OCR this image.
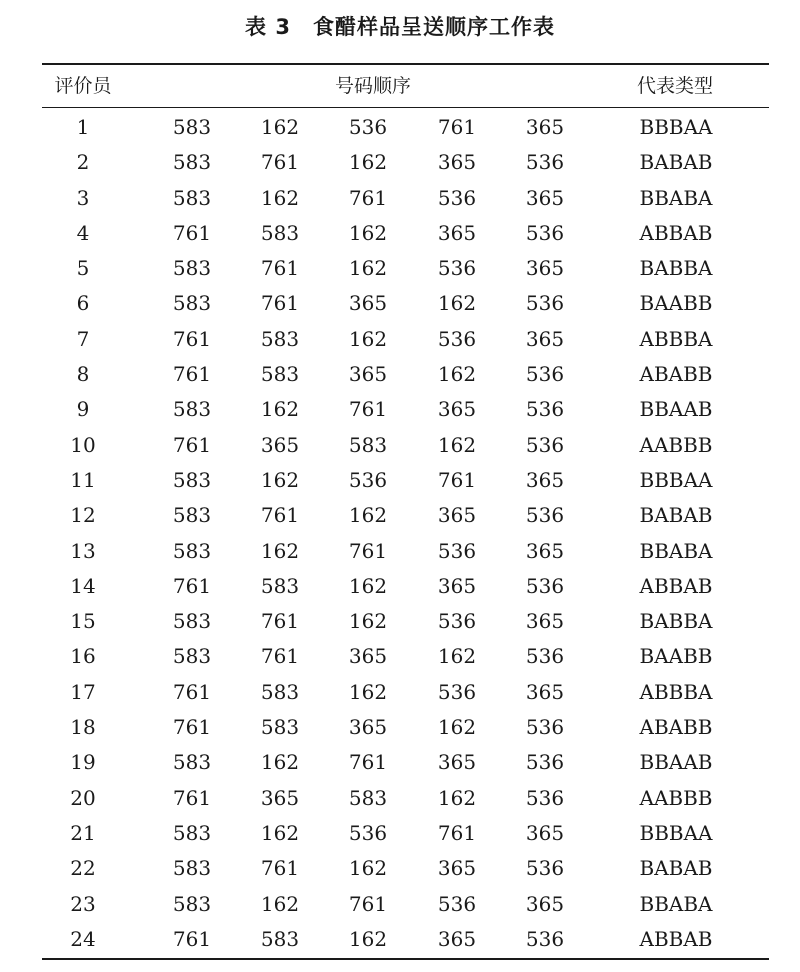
表 3 食醋样品呈送顺序工作表
评价员	号码顺序	代表类型
1	583	162	536	761	365	BBBAA
2	583	761	162	365	536	BABAB
3	583	162	761	536	365	BBABA
4	761	583	162	365	536	ABBAB
5	583	761	162	536	365	BABBA
6	583	761	365	162	536	BAABB
7	761	583	162	536	365	ABBBA
8	761	583	365	162	536	ABABB
9	583	162	761	365	536	BBAAB
10	761	365	583	162	536	AABBB
11	583	162	536	761	365	BBBAA
12	583	761	162	365	536	BABAB
13	583	162	761	536	365	BBABA
14	761	583	162	365	536	ABBAB
15	583	761	162	536	365	BABBA
16	583	761	365	162	536	BAABB
17	761	583	162	536	365	ABBBA
18	761	583	365	162	536	ABABB
19	583	162	761	365	536	BBAAB
20	761	365	583	162	536	AABBB
21	583	162	536	761	365	BBBAA
22	583	761	162	365	536	BABAB
23	583	162	761	536	365	BBABA
24	761	583	162	365	536	ABBAB
